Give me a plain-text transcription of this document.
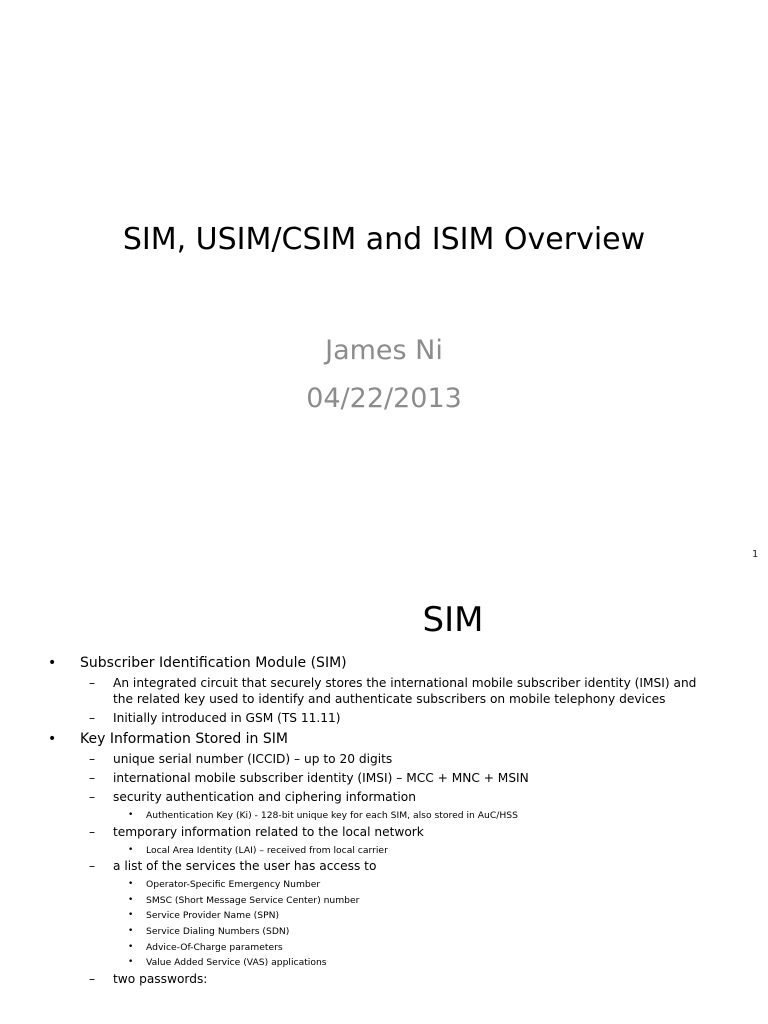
SIM, USIM/CSIM and ISIM Overview
James Ni
04/22/2013
1
SIM
• Subscriber Identification Module (SIM)
– An integrated circuit that securely stores the international mobile subscriber identity (IMSI) and the related key used to identify and authenticate subscribers on mobile telephony devices
– Initially introduced in GSM (TS 11.11)
• Key Information Stored in SIM
– unique serial number (ICCID) – up to 20 digits
– international mobile subscriber identity (IMSI) – MCC + MNC + MSIN
– security authentication and ciphering information
• Authentication Key (Ki) - 128-bit unique key for each SIM, also stored in AuC/HSS
– temporary information related to the local network
• Local Area Identity (LAI) – received from local carrier
– a list of the services the user has access to
• Operator-Specific Emergency Number
• SMSC (Short Message Service Center) number
• Service Provider Name (SPN)
• Service Dialing Numbers (SDN)
• Advice-Of-Charge parameters
• Value Added Service (VAS) applications
– two passwords:
